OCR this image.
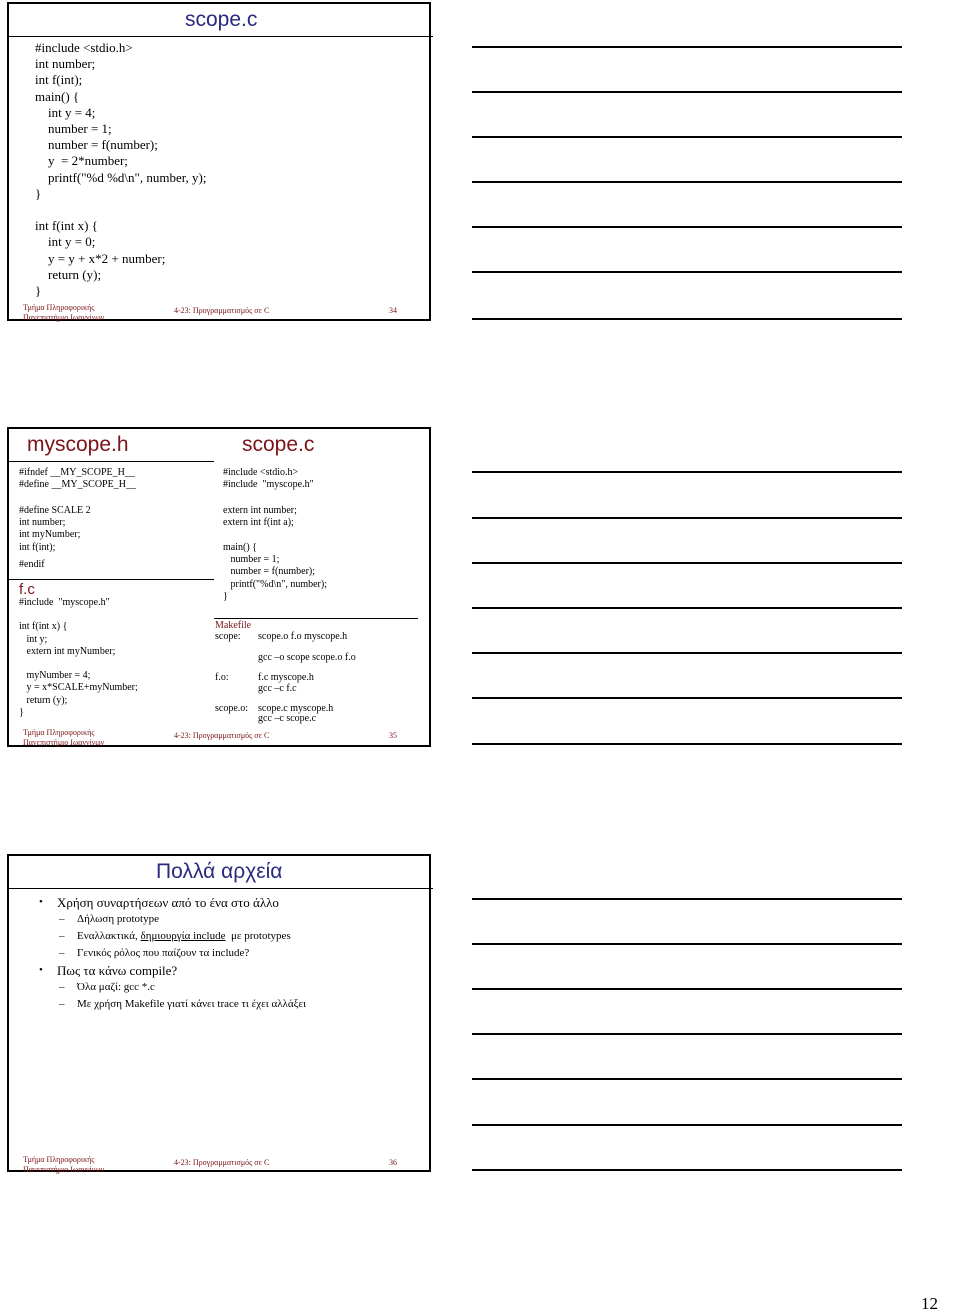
scope.c
#include <stdio.h>
int number;
int f(int);
main() {
int y = 4;
number = 1;
number = f(number);
y  = 2*number;
printf("%d %d\n", number, y);
}

int f(int x) {
int y = 0;
y = y + x*2 + number;
return (y);
}
Τμήμα Πληροφορικής
Πανεπιστήμιο Ιωαννίνων
4-23: Προγραμματισμός σε C	34
myscope.h	scope.c
#ifndef __MY_SCOPE_H__
#define __MY_SCOPE_H__
#define SCALE 2
int number;
int myNumber;
int f(int);
#endif
f.c
#include  "myscope.h"

int f(int x) {
int y;
extern int myNumber;

myNumber = 4;
y = x*SCALE+myNumber;
return (y);
}
#include <stdio.h>
#include  "myscope.h"
extern int number;
extern int f(int a);
main() {
number = 1;
number = f(number);
printf("%d\n", number);
}
Makefile
scope: scope.o f.o myscope.h
gcc –o scope scope.o f.o
f.o:	f.c myscope.h
gcc –c f.c
scope.o: scope.c myscope.h
gcc –c scope.c
Τμήμα Πληροφορικής
Πανεπιστήμιο Ιωαννίνων
4-23: Προγραμματισμός σε C	35
Πολλά αρχεία
• Χρήση συναρτήσεων από το ένα στο άλλο
– Δήλωση prototype
– Εναλλακτικά, δημιουργία include  με prototypes
– Γενικός ρόλος που παίζουν τα include?
• Πως τα κάνω compile?
– Όλα μαζί: gcc *.c
– Με χρήση Makefile γιατί κάνει trace τι έχει αλλάξει
Τμήμα Πληροφορικής
Πανεπιστήμιο Ιωαννίνων
4-23: Προγραμματισμός σε C	36
12
